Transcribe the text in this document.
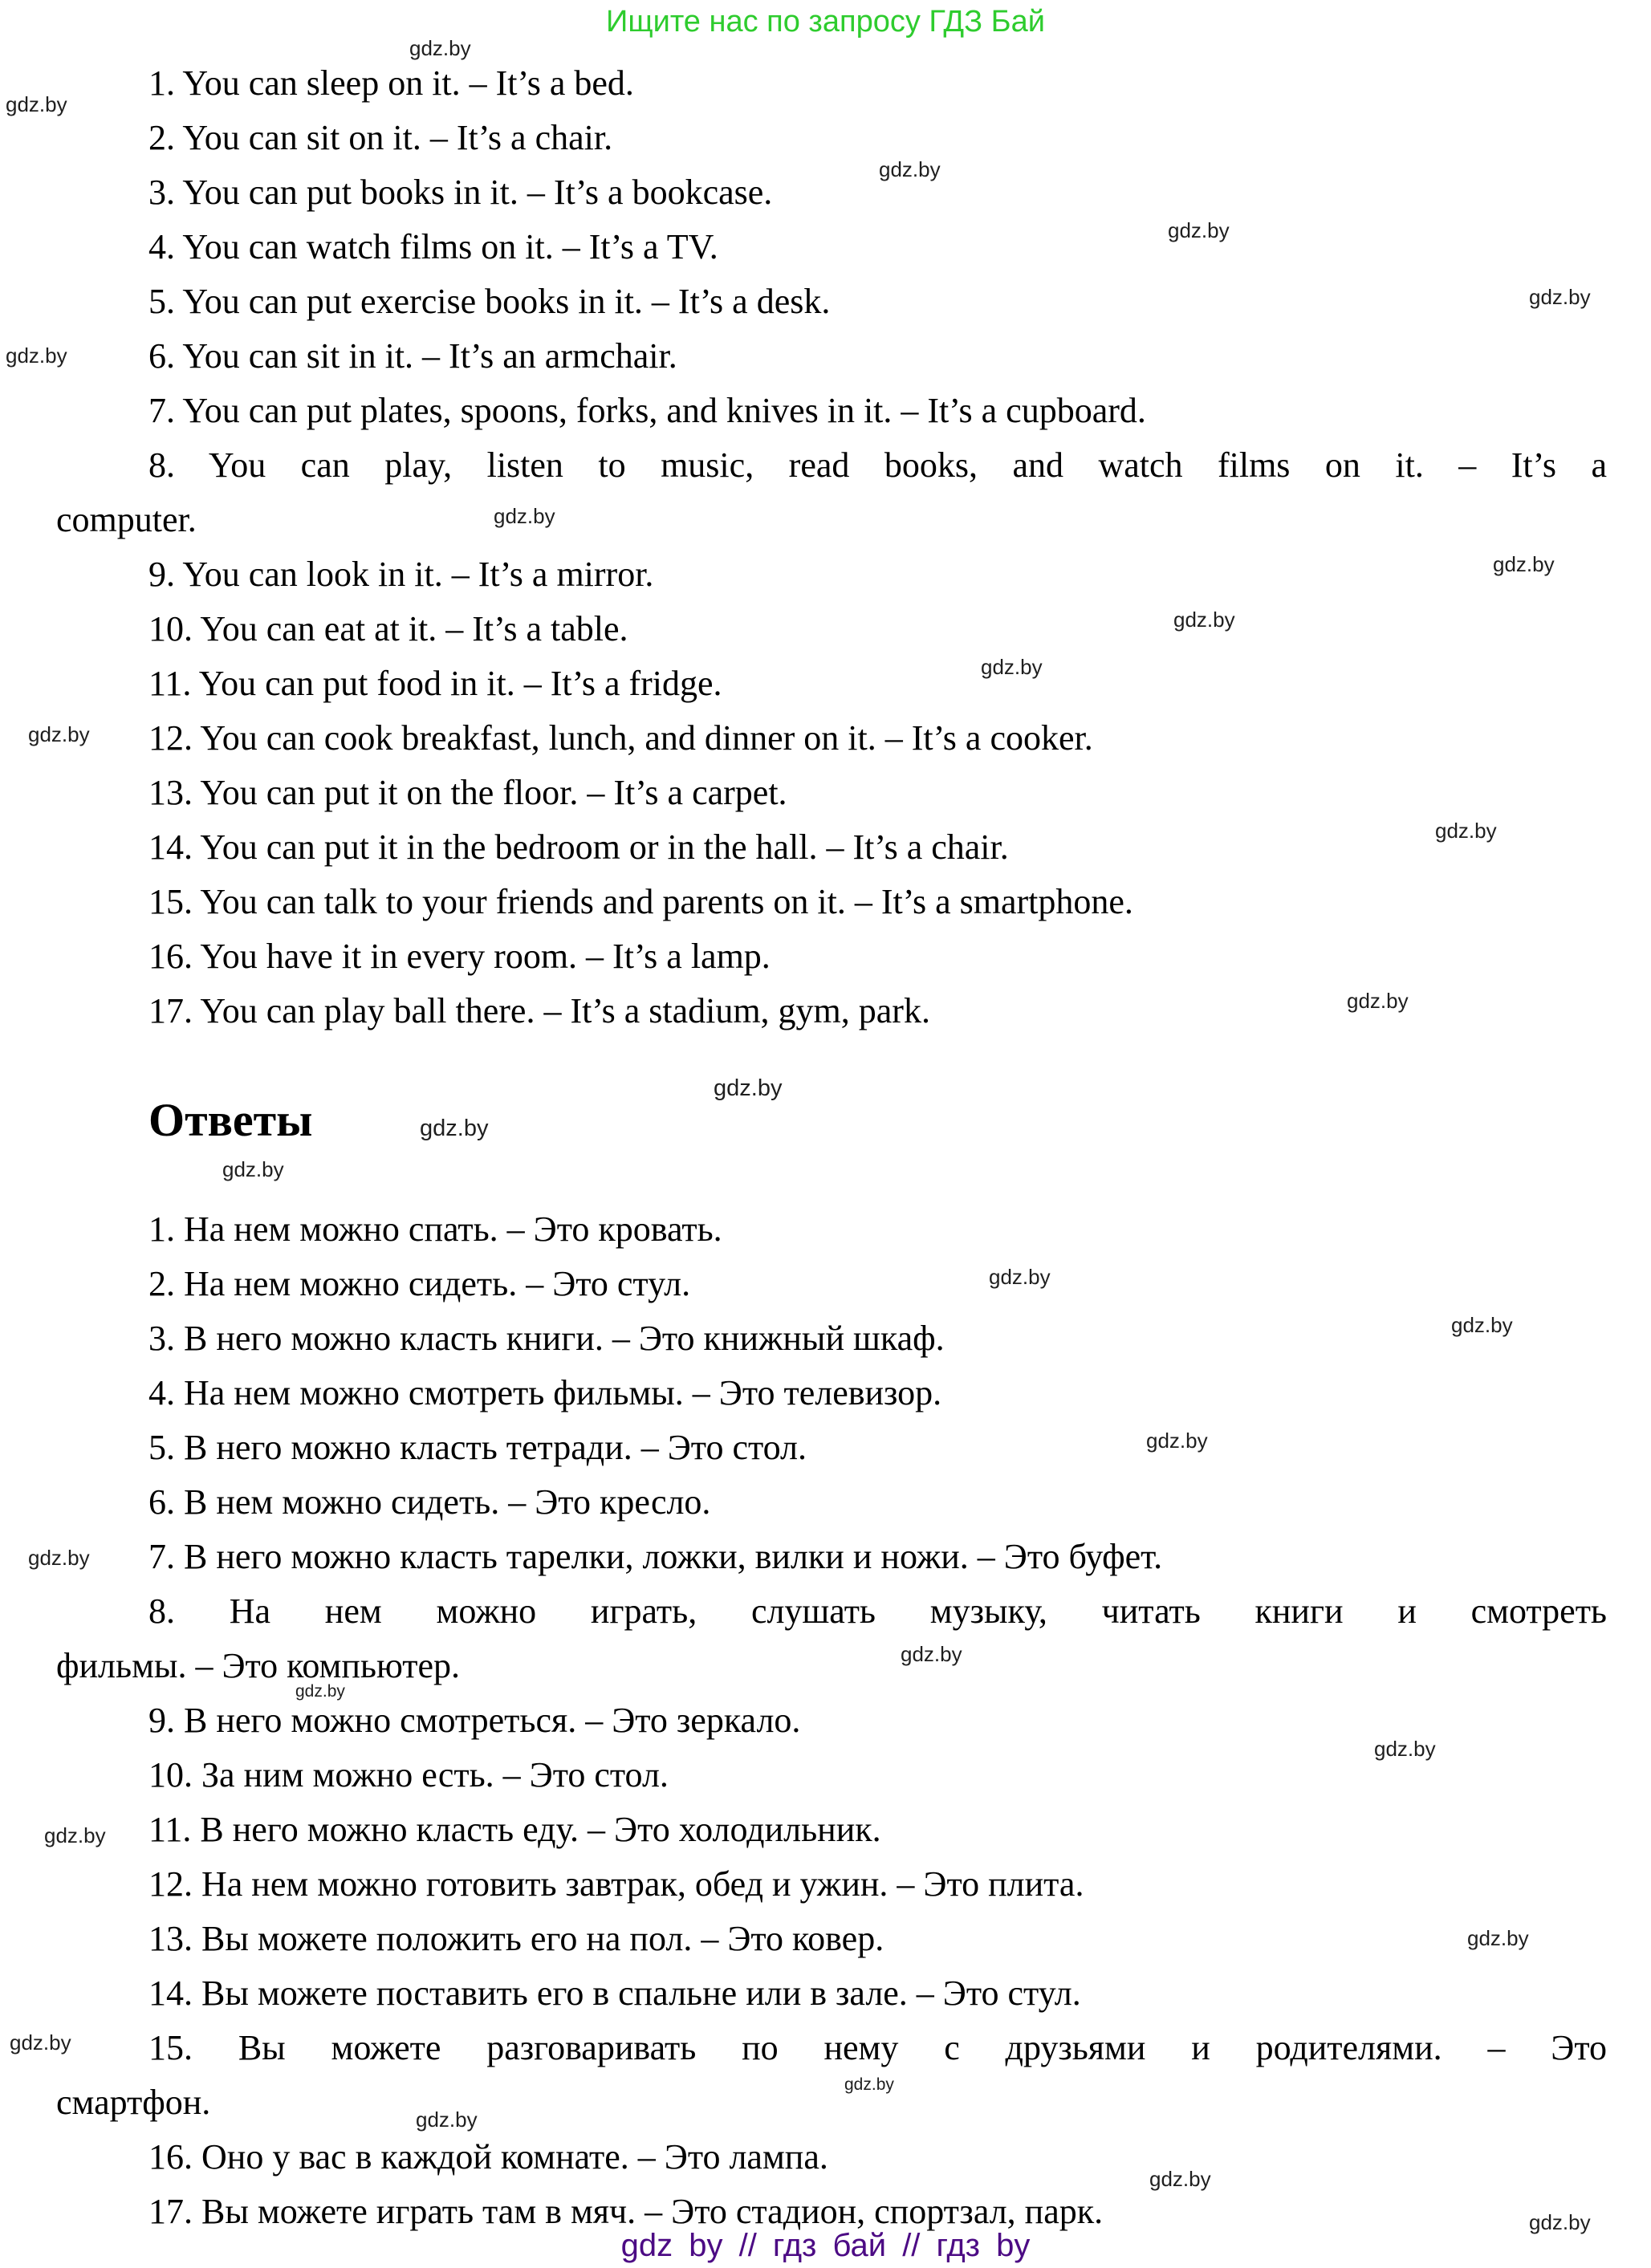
Ищите нас по запросу ГДЗ Бай
gdz.by
gdz.by
gdz.by
gdz.by
gdz.by
gdz.by
gdz.by
gdz.by
gdz.by
gdz.by
gdz.by
gdz.by
gdz.by
gdz.by
gdz.by
gdz.by
gdz.by
gdz.by
gdz.by
gdz.by
gdz.by
gdz.by
gdz.by
gdz.by
gdz.by
gdz.by
gdz.by
gdz.by
gdz.by
gdz.by

1. You can sleep on it. – It’s a bed.

2. You can sit on it. – It’s a chair.

3. You can put books in it. – It’s a bookcase.

4. You can watch films on it. – It’s a TV.

5. You can put exercise books in it. – It’s a desk.

6. You can sit in it. – It’s an armchair.

7. You can put plates, spoons, forks, and knives in it. – It’s a cupboard.

8. You can play, listen to music, read books, and watch films on it. – It’s a

computer.

9. You can look in it. – It’s a mirror.

10. You can eat at it. – It’s a table.

11. You can put food in it. – It’s a fridge.

12. You can cook breakfast, lunch, and dinner on it. – It’s a cooker.

13. You can put it on the floor. – It’s a carpet.

14. You can put it in the bedroom or in the hall. – It’s a chair.

15. You can talk to your friends and parents on it. – It’s a smartphone.

16. You have it in every room. – It’s a lamp.

17. You can play ball there. – It’s a stadium, gym, park.

Ответы

1. На нем можно спать. – Это кровать.

2. На нем можно сидеть. – Это стул.

3. В него можно класть книги. – Это книжный шкаф.

4. На нем можно смотреть фильмы. – Это телевизор.

5. В него можно класть тетради. – Это стол.

6. В нем можно сидеть. – Это кресло.

7. В него можно класть тарелки, ложки, вилки и ножи. – Это буфет.

8. На нем можно играть, слушать музыку, читать книги и смотреть

фильмы. – Это компьютер.

9. В него можно смотреться. – Это зеркало.

10. За ним можно есть. – Это стол.

11. В него можно класть еду. – Это холодильник.

12. На нем можно готовить завтрак, обед и ужин. – Это плита.

13. Вы можете положить его на пол. – Это ковер.

14. Вы можете поставить его в спальне или в зале. – Это стул.

15. Вы можете разговаривать по нему с друзьями и родителями. – Это

смартфон.

16. Оно у вас в каждой комнате. – Это лампа.

17. Вы можете играть там в мяч. – Это стадион, спортзал, парк.

gdz by // гдз бай // гдз by
